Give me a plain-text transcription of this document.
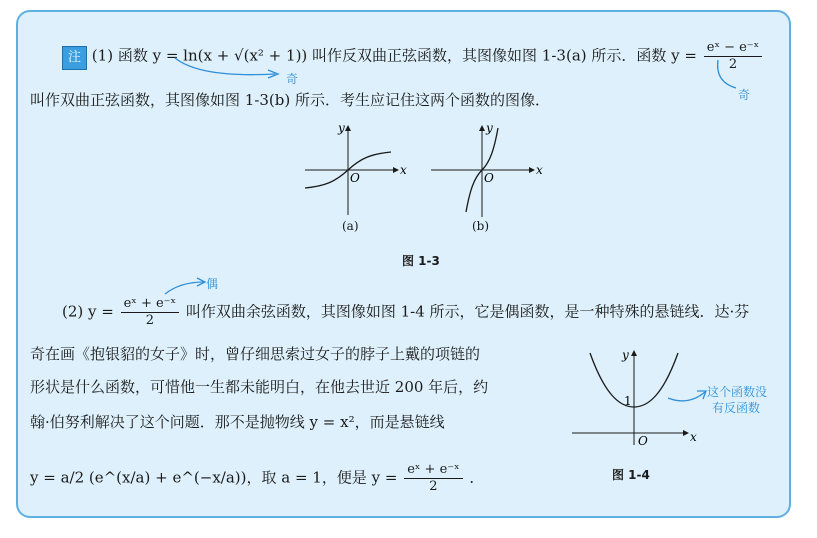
注 (1) 函数 y = ln(x + √(x² + 1)) 叫作反双曲正弦函数，其图像如图 1-3(a) 所示．函数 $y = \frac{\text{eˣ − e⁻ˣ}}{2}$
叫作双曲正弦函数，其图像如图 1-3(b) 所示．考生应记住这两个函数的图像．
奇
奇
偶
这个函数没
有反函数
x
y
O
(a)
x
y
O
(b)
图 1-3
(2) $y = \frac{\text{eˣ + e⁻ˣ}}{2}$ 叫作双曲余弦函数，其图像如图 1-4 所示，它是偶函数，是一种特殊的悬链线．达·芬
奇在画《抱银貂的女子》时，曾仔细思索过女子的脖子上戴的项链的
形状是什么函数，可惜他一生都未能明白，在他去世近 200 年后，约
翰·伯努利解决了这个问题．那不是抛物线 y = x²，而是悬链线
y = a/2 (e^(x/a) + e^(−x/a))，取 a = 1，便是 $y = \frac{\text{eˣ + e⁻ˣ}}{2}$ ．
x
y
1
O
图 1-4
